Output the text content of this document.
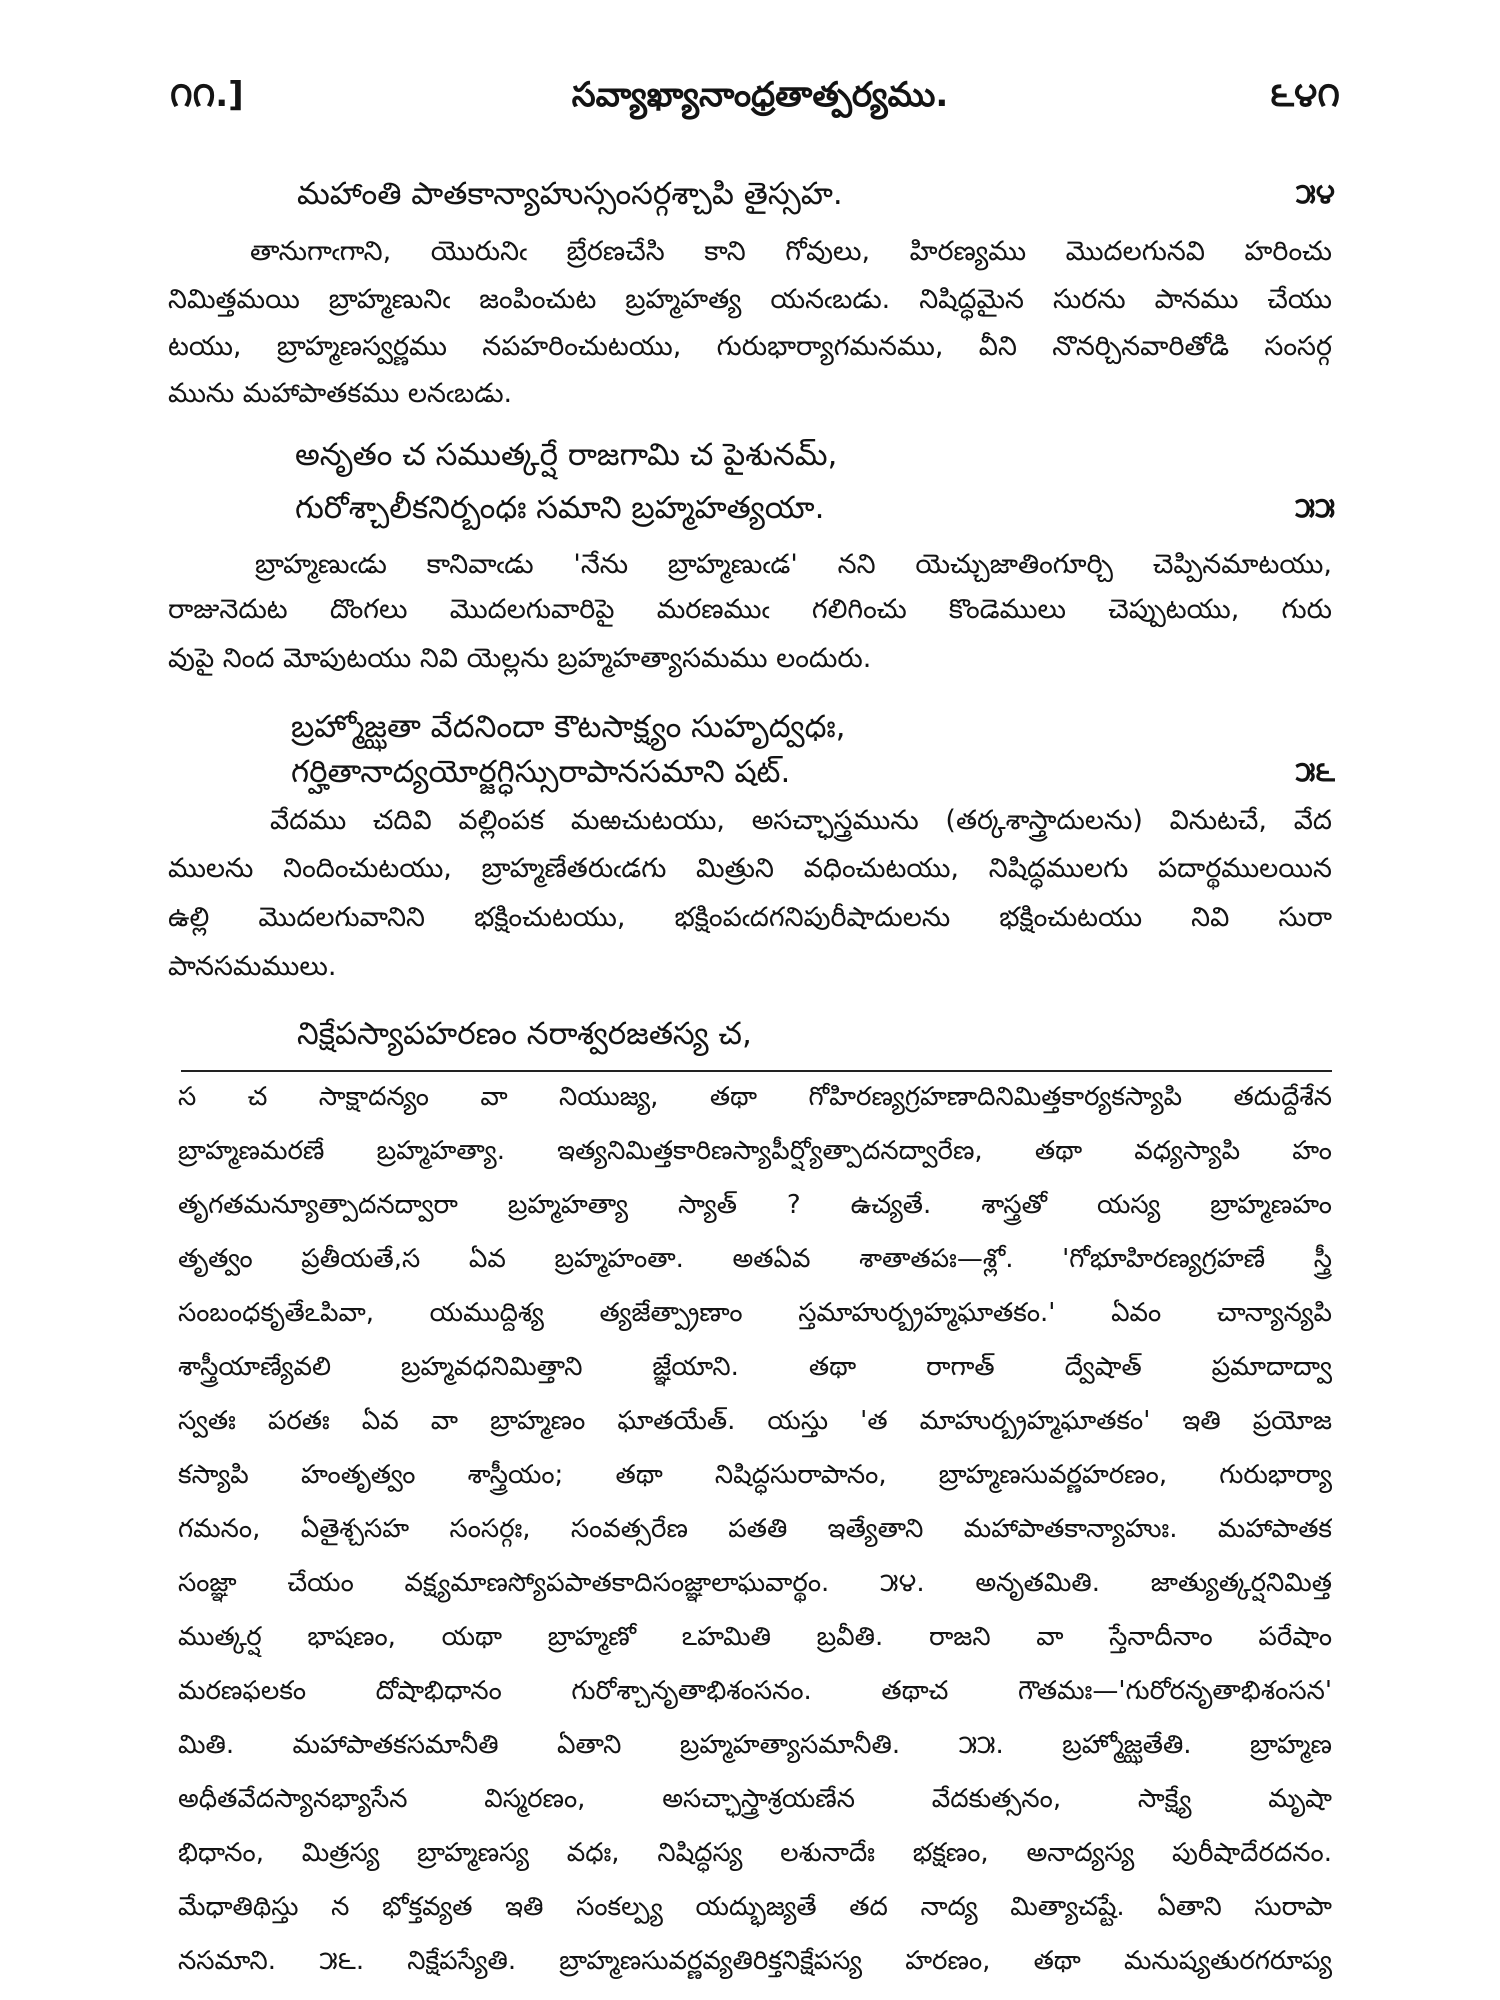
౧౧.]	సవ్యాఖ్యానాంధ్రతాత్పర్యము.	౬౪౧
మహాంతి పాతకాన్యాహుస్సంసర్గశ్చాపి తైస్సహ.	౫౪
తానుగాఁగాని, యొరునిఁ బ్రేరణచేసి కాని గోవులు, హిరణ్యము మొదలగునవి హరించు
నిమిత్తమయి బ్రాహ్మణునిఁ జంపించుట బ్రహ్మహత్య యనఁబడు. నిషిద్ధమైన సురను పానము చేయు
టయు, బ్రాహ్మణస్వర్ణము నపహరించుటయు, గురుభార్యాగమనము, వీని నొనర్చినవారితోడి సంసర్గ
మును మహాపాతకము లనఁబడు.
అనృతం చ సముత్కర్షే రాజగామి చ పైశునమ్,
గురోశ్చాలీకనిర్బంధః సమాని బ్రహ్మహత్యయా.	౫౫
బ్రాహ్మణుఁడు కానివాఁడు 'నేను బ్రాహ్మణుఁడ' నని యెచ్చుజాతింగూర్చి చెప్పినమాటయు,
రాజునెదుట దొంగలు మొదలగువారిపై మరణముఁ గలిగించు కొండెములు చెప్పుటయు, గురు
వుపై నింద మోపుటయు నివి యెల్లను బ్రహ్మహత్యాసమము లందురు.
బ్రహ్మోజ్ఝతా వేదనిందా కౌటసాక్ష్యం సుహృద్వధః,
గర్హితానాద్యయోర్జగ్ధిస్సురాపానసమాని షట్.	౫౬
వేదము చదివి వల్లింపక మఱచుటయు, అసచ్ఛాస్త్రమును (తర్కశాస్త్రాదులను) వినుటచే, వేద
ములను నిందించుటయు, బ్రాహ్మణేతరుఁడగు మిత్రుని వధించుటయు, నిషిద్ధములగు పదార్థములయిన
ఉల్లి మొదలగువానిని భక్షించుటయు, భక్షింపఁదగనిపురీషాదులను భక్షించుటయు నివి సురా
పానసమములు.
నిక్షేపస్యాపహరణం నరాశ్వరజతస్య చ,
స చ సాక్షాదన్యం వా నియుజ్య, తథా గోహిరణ్యగ్రహణాదినిమిత్తకార్యకస్యాపి తదుద్దేశేన
బ్రాహ్మణమరణే బ్రహ్మహత్యా. ఇత్యనిమిత్తకారిణస్యాపీర్ష్యోత్పాదనద్వారేణ, తథా వధ్యస్యాపి హం
తృగతమన్యూత్పాదనద్వారా బ్రహ్మహత్యా స్యాత్ ? ఉచ్యతే. శాస్త్రతో యస్య బ్రాహ్మణహం
తృత్వం ప్రతీయతే,స ఏవ బ్రహ్మహంతా. అతఏవ శాతాతపః—శ్లో. 'గోభూహిరణ్యగ్రహణే స్త్రీ
సంబంధకృతేఽపివా, యముద్దిశ్య త్యజేత్ప్రాణాం స్తమాహుర్బ్రహ్మఘాతకం.' ఏవం చాన్యాన్యపి
శాస్త్రీయాణ్యేవలి బ్రహ్మవధనిమిత్తాని జ్ఞేయాని. తథా రాగాత్ ద్వేషాత్ ప్రమాదాద్వా
స్వతః పరతః ఏవ వా బ్రాహ్మణం ఘాతయేత్. యస్తు 'త మాహుర్బ్రహ్మఘాతకం' ఇతి ప్రయోజ
కస్యాపి హంతృత్వం శాస్త్రీయం; తథా నిషిద్ధసురాపానం, బ్రాహ్మణసువర్ణహరణం, గురుభార్యా
గమనం, ఏతైశ్చసహ సంసర్గః, సంవత్సరేణ పతతి ఇత్యేతాని మహాపాతకాన్యాహుః. మహాపాతక
సంజ్ఞా చేయం వక్ష్యమాణస్యోపపాతకాదిసంజ్ఞాలాఘవార్థం. ౫౪. అనృతమితి. జాత్యుత్కర్షనిమిత్త
ముత్కర్ష భాషణం, యథా బ్రాహ్మణో ఽహమితి బ్రవీతి. రాజని వా స్తేనాదీనాం పరేషాం
మరణఫలకం దోషాభిధానం గురోశ్చానృతాభిశంసనం. తథాచ గౌతమః—'గురోరనృతాభిశంసన'
మితి. మహాపాతకసమానీతి ఏతాని బ్రహ్మహత్యాసమానీతి. ౫౫. బ్రహ్మోజ్ఝతేతి. బ్రాహ్మణ
అధీతవేదస్యానభ్యాసేన విస్మరణం, అసచ్ఛాస్త్రాశ్రయణేన వేదకుత్సనం, సాక్ష్యే మృషా
భిధానం, మిత్రస్య బ్రాహ్మణస్య వధః, నిషిద్ధస్య లశునాదేః భక్షణం, అనాద్యస్య పురీషాదేరదనం.
మేధాతిథిస్తు న భోక్తవ్యత ఇతి సంకల్ప్య యద్భుజ్యతే తద నాద్య మిత్యాచష్టే. ఏతాని సురాపా
నసమాని. ౫౬. నిక్షేపస్యేతి. బ్రాహ్మణసువర్ణవ్యతిరిక్తనిక్షేపస్య హరణం, తథా మనుష్యతురగరూప్య
